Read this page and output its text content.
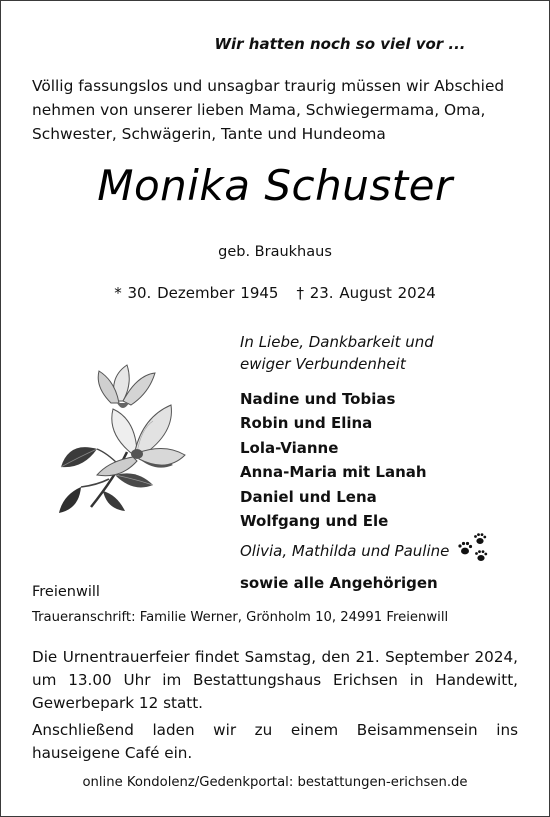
Wir hatten noch so viel vor ...
Völlig fassungslos und unsagbar traurig müssen wir Abschied nehmen von unserer lieben Mama, Schwiegermama, Oma, Schwester, Schwägerin, Tante und Hundeoma
Monika Schuster
geb. Braukhaus
* 30. Dezember 1945 † 23. August 2024
In Liebe, Dankbarkeit und
ewiger Verbundenheit
Nadine und Tobias
Robin und Elina
Lola-Vianne
Anna-Maria mit Lanah
Daniel und Lena
Wolfgang und Ele
Olivia, Mathilda und Pauline
sowie alle Angehörigen
Freienwill
Traueranschrift: Familie Werner, Grönholm 10, 24991 Freienwill

Die Urnentrauerfeier findet Samstag, den 21. September 2024, um 13.00 Uhr im Bestattungshaus Erichsen in Handewitt, Gewerbepark 12 statt.

Anschließend laden wir zu einem Beisammensein ins hauseigene Café ein.

online Kondolenz/Gedenkportal: bestattungen-erichsen.de
